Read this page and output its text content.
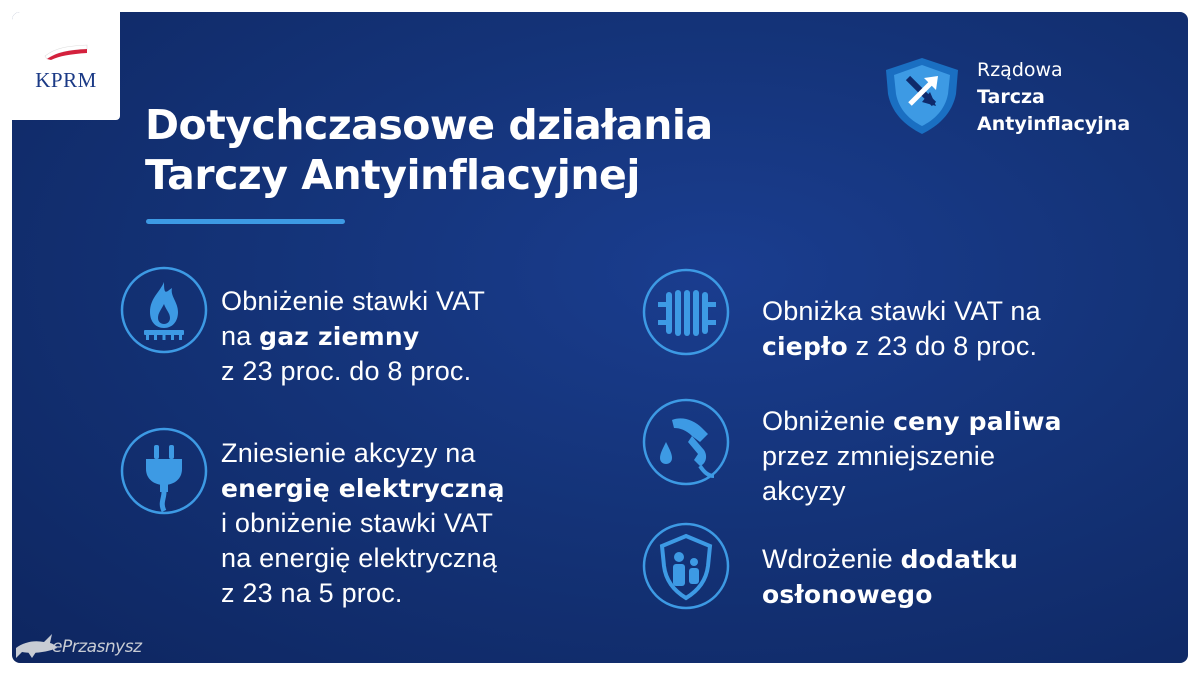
KPRM
Dotychczasowe działania
Tarczy Antyinflacyjnej
Rządowa
Tarcza
Antyinflacyjna
Obniżenie stawki VAT
na gaz ziemny
z 23 proc. do 8 proc.
Zniesienie akcyzy na
energię elektryczną
i obniżenie stawki VAT
na energię elektryczną
z 23 na 5 proc.
Obniżka stawki VAT na
ciepło z 23 do 8 proc.
Obniżenie ceny paliwa
przez zmniejszenie
akcyzy
Wdrożenie dodatku
osłonowego
ePrzasnysz
